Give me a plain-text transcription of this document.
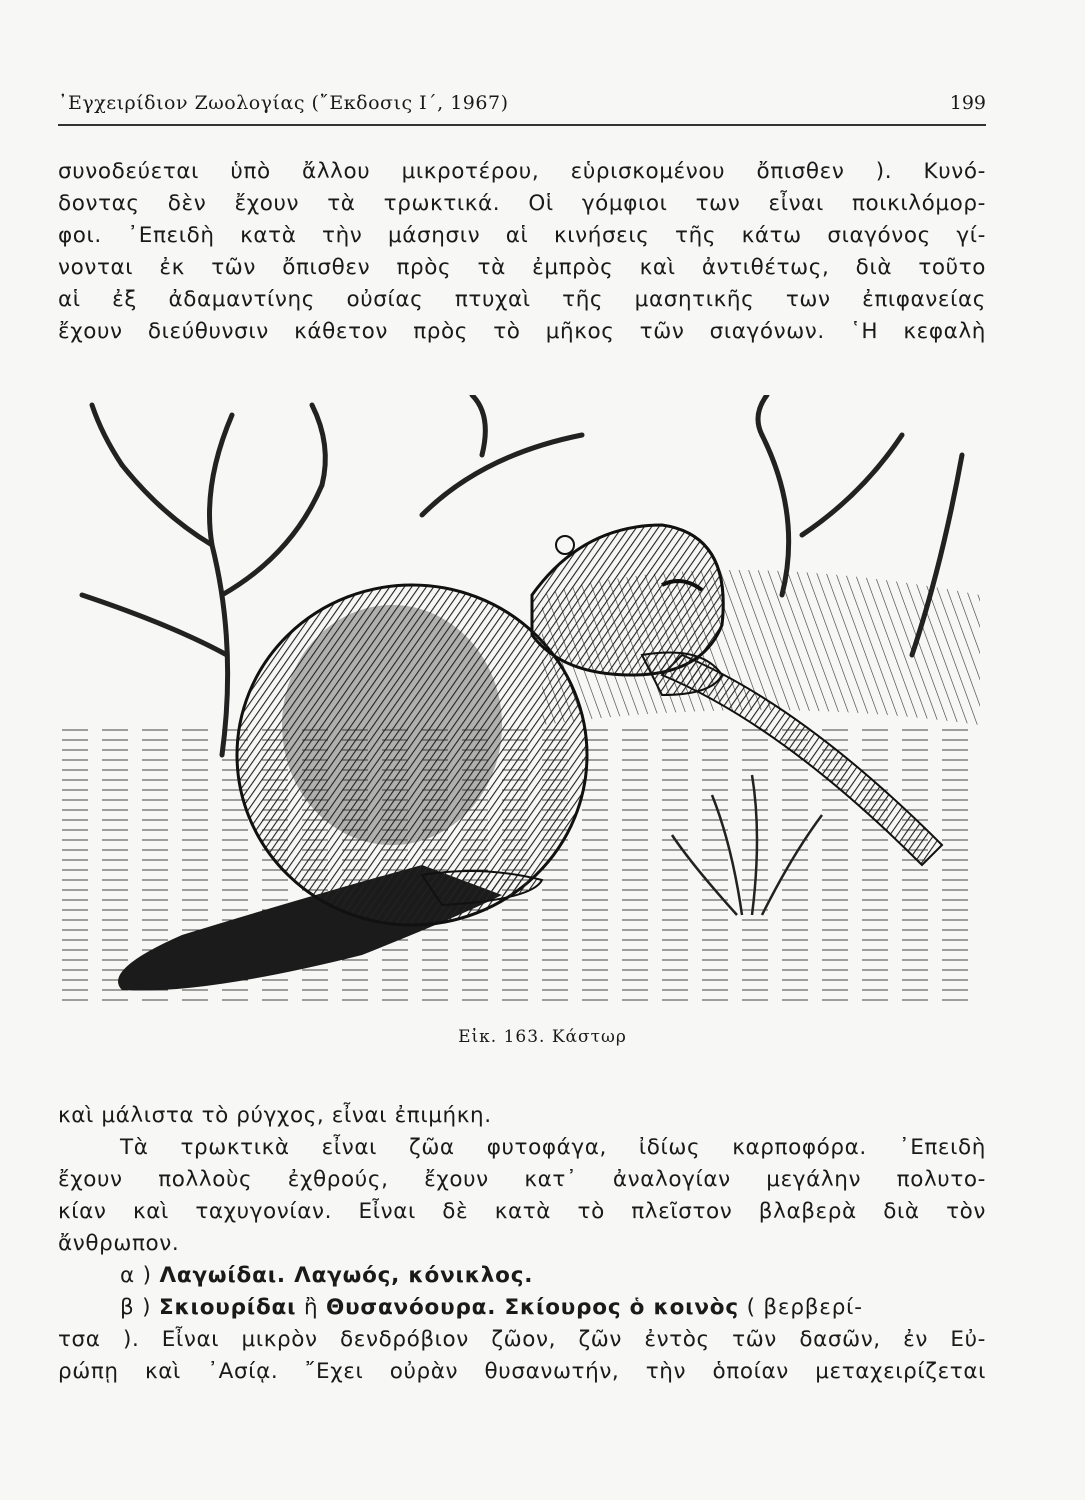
᾿Εγχειρίδιον Ζωολογίας (῎Εκδοσις Ι΄, 1967)	199
συνοδεύεται ὑπὸ ἄλλου μικροτέρου, εὑρισκομένου ὄπισθεν ). Κυνό-
δοντας δὲν ἔχουν τὰ τρωκτικά. Οἱ γόμφιοι των εἶναι ποικιλόμορ-
φοι. ᾿Επειδὴ κατὰ τὴν μάσησιν αἱ κινήσεις τῆς κάτω σιαγόνος γί-
νονται ἐκ τῶν ὄπισθεν πρὸς τὰ ἐμπρὸς καὶ ἀντιθέτως, διὰ τοῦτο
αἱ ἐξ ἀδαμαντίνης οὐσίας πτυχαὶ τῆς μασητικῆς των ἐπιφανείας
ἔχουν διεύθυνσιν κάθετον πρὸς τὸ μῆκος τῶν σιαγόνων. ῾Η κεφαλὴ
Εἰκ. 163. Κάστωρ
καὶ μάλιστα τὸ ρύγχος, εἶναι ἐπιμήκη.
Τὰ τρωκτικὰ εἶναι ζῶα φυτοφάγα, ἰδίως καρποφόρα. ᾿Επειδὴ
ἔχουν πολλοὺς ἐχθρούς, ἔχουν κατ᾿ ἀναλογίαν μεγάλην πολυτο-
κίαν καὶ ταχυγονίαν. Εἶναι δὲ κατὰ τὸ πλεῖστον βλαβερὰ διὰ τὸν
ἄνθρωπον.
α ) Λαγωίδαι. Λαγωός, κόνικλος.
β ) Σκιουρίδαι ἢ Θυσανόουρα. Σκίουρος ὁ κοινὸς ( βερβερί-
τσα ). Εἶναι μικρὸν δενδρόβιον ζῶον, ζῶν ἐντὸς τῶν δασῶν, ἐν Εὐ-
ρώπῃ καὶ ᾿Ασίᾳ. ῎Εχει οὐρὰν θυσανωτήν, τὴν ὁποίαν μεταχειρίζεται
